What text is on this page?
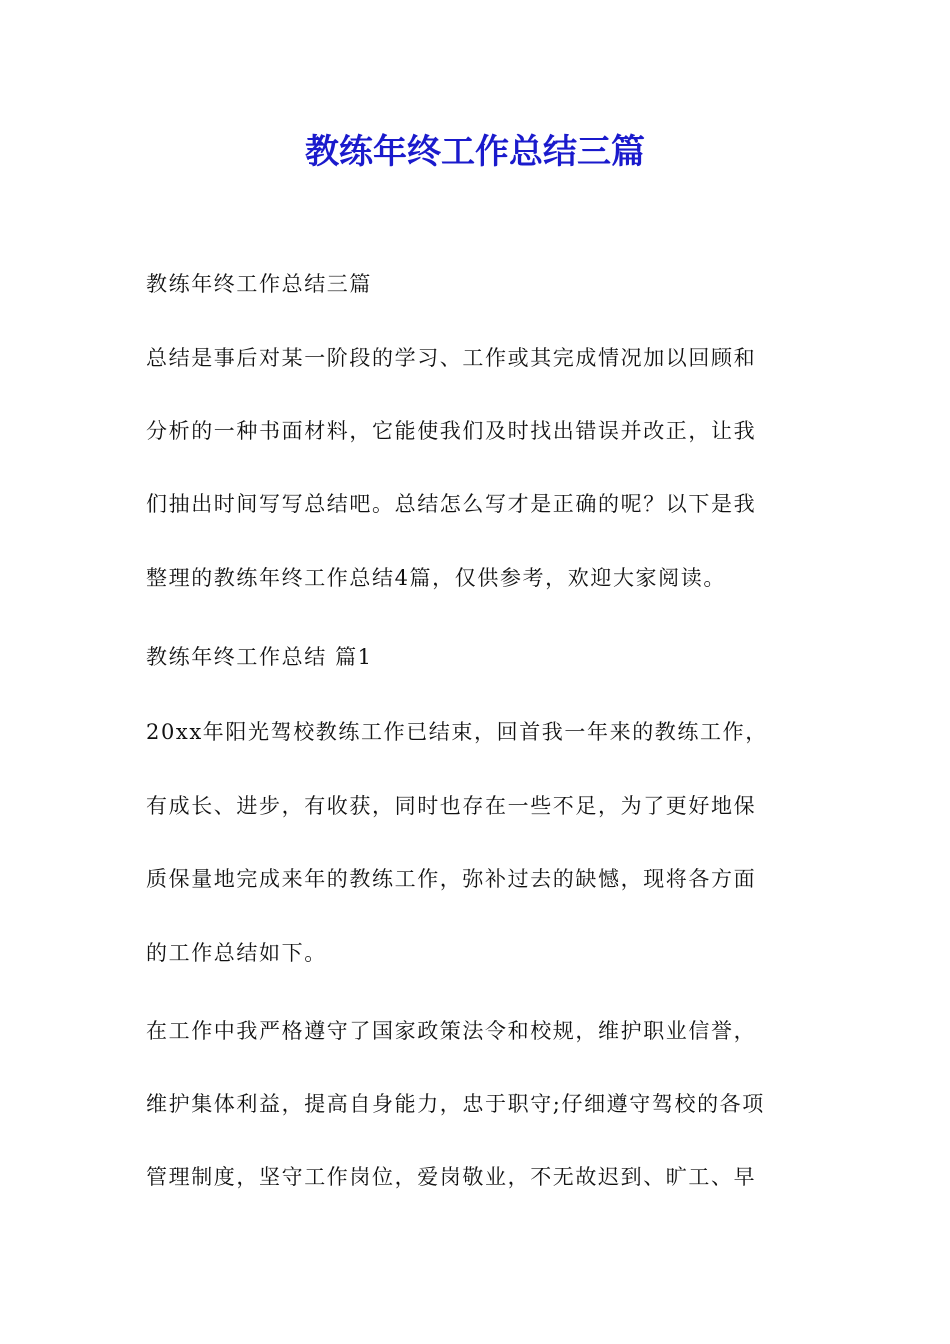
教练年终工作总结三篇

教练年终工作总结三篇

总结是事后对某一阶段的学习、工作或其完成情况加以回顾和

分析的一种书面材料，它能使我们及时找出错误并改正，让我

们抽出时间写写总结吧。总结怎么写才是正确的呢？以下是我

整理的教练年终工作总结4篇，仅供参考，欢迎大家阅读。

教练年终工作总结 篇1

20xx年阳光驾校教练工作已结束，回首我一年来的教练工作，

有成长、进步，有收获，同时也存在一些不足，为了更好地保

质保量地完成来年的教练工作，弥补过去的缺憾，现将各方面

的工作总结如下。

在工作中我严格遵守了国家政策法令和校规，维护职业信誉，

维护集体利益，提高自身能力，忠于职守;仔细遵守驾校的各项

管理制度，坚守工作岗位，爱岗敬业，不无故迟到、旷工、早
